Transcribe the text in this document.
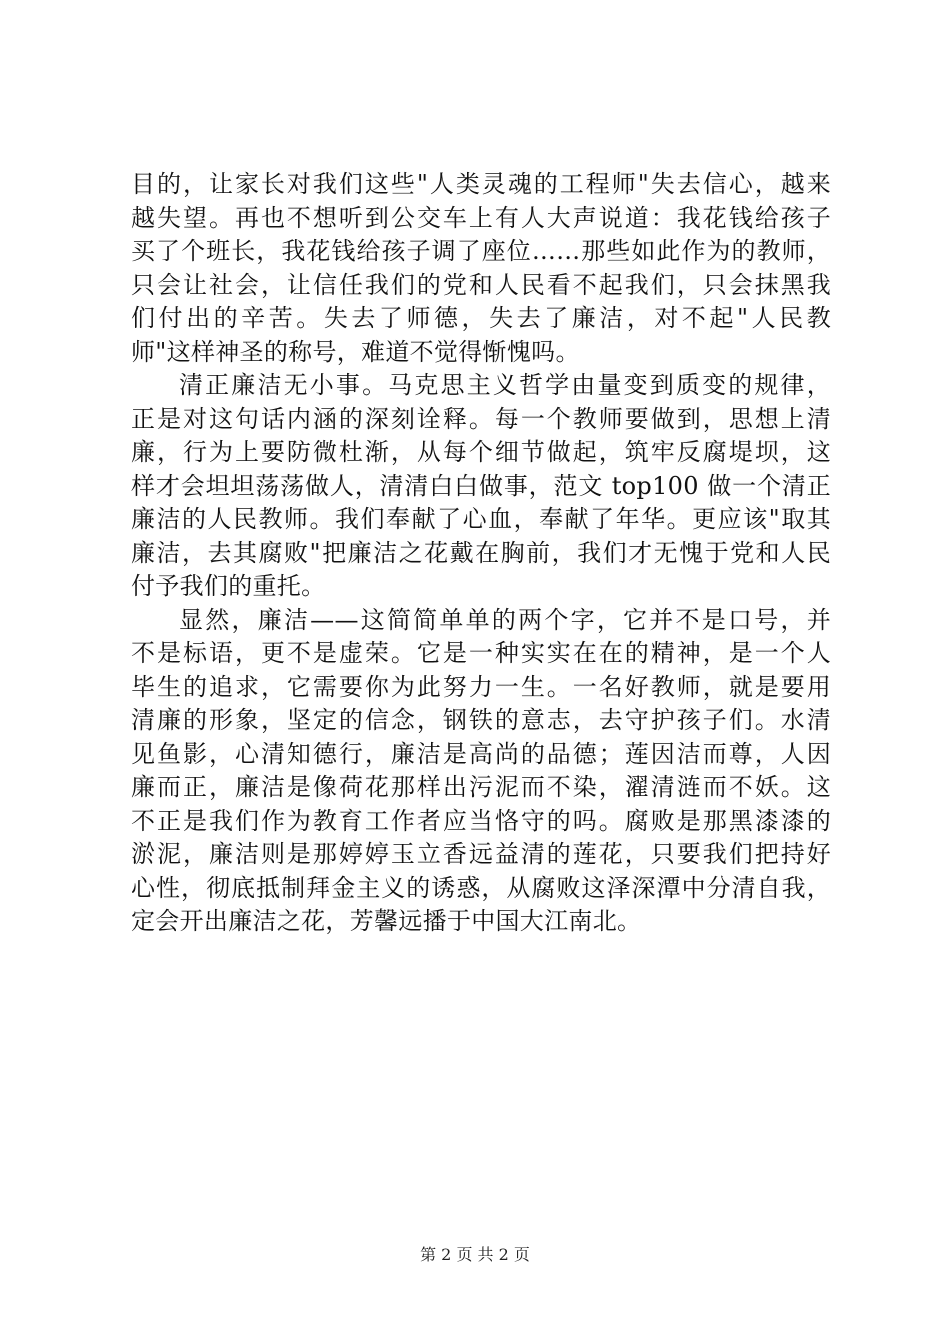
目的，让家长对我们这些"人类灵魂的工程师"失去信心，越来
越失望。再也不想听到公交车上有人大声说道：我花钱给孩子
买了个班长，我花钱给孩子调了座位……那些如此作为的教师，
只会让社会，让信任我们的党和人民看不起我们，只会抹黑我
们付出的辛苦。失去了师德，失去了廉洁，对不起"人民教
师"这样神圣的称号，难道不觉得惭愧吗。
清正廉洁无小事。马克思主义哲学由量变到质变的规律，
正是对这句话内涵的深刻诠释。每一个教师要做到，思想上清
廉，行为上要防微杜渐，从每个细节做起，筑牢反腐堤坝，这
样才会坦坦荡荡做人，清清白白做事，范文 top100 做一个清正
廉洁的人民教师。我们奉献了心血，奉献了年华。更应该"取其
廉洁，去其腐败"把廉洁之花戴在胸前，我们才无愧于党和人民
付予我们的重托。
显然，廉洁——这简简单单的两个字，它并不是口号，并
不是标语，更不是虚荣。它是一种实实在在的精神，是一个人
毕生的追求，它需要你为此努力一生。一名好教师，就是要用
清廉的形象，坚定的信念，钢铁的意志，去守护孩子们。水清
见鱼影，心清知德行，廉洁是高尚的品德；莲因洁而尊，人因
廉而正，廉洁是像荷花那样出污泥而不染，濯清涟而不妖。这
不正是我们作为教育工作者应当恪守的吗。腐败是那黑漆漆的
淤泥，廉洁则是那婷婷玉立香远益清的莲花，只要我们把持好
心性，彻底抵制拜金主义的诱惑，从腐败这泽深潭中分清自我，
定会开出廉洁之花，芳馨远播于中国大江南北。
第 2 页 共 2 页
